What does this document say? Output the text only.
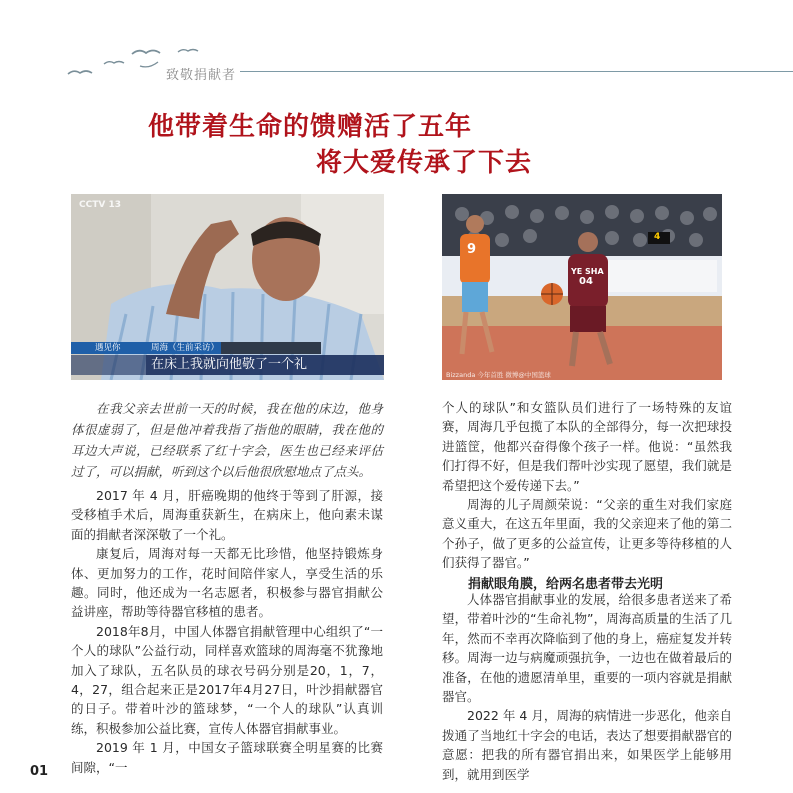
致敬捐献者
他带着生命的馈赠活了五年
将大爱传承了下去
CCTV 13
遇见你	周海（生前采访）
在床上我就向他敬了一个礼
9
YE SHA
04
4
Bizzanda 今年首胜 微博@中国篮球
在我父亲去世前一天的时候，我在他的床边，他身体很虚弱了，但是他冲着我指了指他的眼睛，我在他的耳边大声说，已经联系了红十字会，医生也已经来评估过了，可以捐献，听到这个以后他很欣慰地点了点头。

2017 年 4 月，肝癌晚期的他终于等到了肝源，接受移植手术后，周海重获新生，在病床上，他向素未谋面的捐献者深深敬了一个礼。

康复后，周海对每一天都无比珍惜，他坚持锻炼身体、更加努力的工作，花时间陪伴家人，享受生活的乐趣。同时，他还成为一名志愿者，积极参与器官捐献公益讲座，帮助等待器官移植的患者。

2018年8月，中国人体器官捐献管理中心组织了“一个人的球队”公益行动，同样喜欢篮球的周海毫不犹豫地加入了球队，五名队员的球衣号码分别是20，1，7，4，27，组合起来正是2017年4月27日，叶沙捐献器官的日子。带着叶沙的篮球梦，“一个人的球队”认真训练，积极参加公益比赛，宣传人体器官捐献事业。

2019 年 1 月，中国女子篮球联赛全明星赛的比赛间隙，“一

个人的球队”和女篮队员们进行了一场特殊的友谊赛，周海几乎包揽了本队的全部得分，每一次把球投进篮筐，他都兴奋得像个孩子一样。他说：“虽然我们打得不好，但是我们帮叶沙实现了愿望，我们就是希望把这个爱传递下去。”

周海的儿子周颜荣说：“父亲的重生对我们家庭意义重大，在这五年里面，我的父亲迎来了他的第二个孙子，做了更多的公益宣传，让更多等待移植的人们获得了器官。”

捐献眼角膜，给两名患者带去光明

人体器官捐献事业的发展，给很多患者送来了希望，带着叶沙的“生命礼物”，周海高质量的生活了几年，然而不幸再次降临到了他的身上，癌症复发并转移。周海一边与病魔顽强抗争，一边也在做着最后的准备，在他的遗愿清单里，重要的一项内容就是捐献器官。

2022 年 4 月，周海的病情进一步恶化，他亲自拨通了当地红十字会的电话，表达了想要捐献器官的意愿：把我的所有器官捐出来，如果医学上能够用到，就用到医学

01
